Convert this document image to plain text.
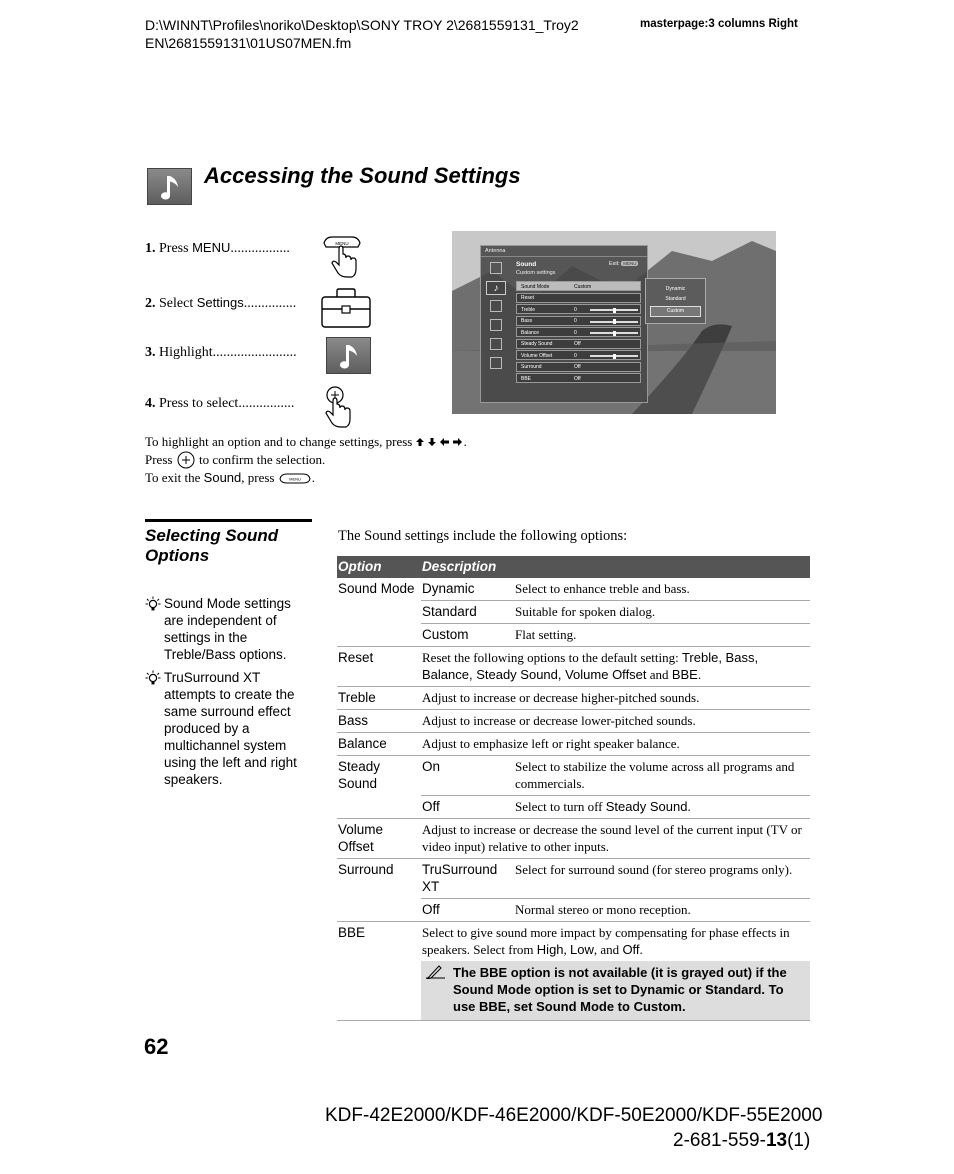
D:\WINNT\Profiles\noriko\Desktop\SONY TROY 2\2681559131_Troy2
EN\2681559131\01US07MEN.fm
masterpage:3 columns Right
Accessing the Sound Settings
1. Press MENU.................
2. Select Settings...............
3. Highlight........................
4. Press to select................
MENU
Antenna
♪
Sound
Custom settings
Exit: MENU
Sound Mode	Custom
Reset
Treble	0
Bass	0
Balance	0
Steady Sound	Off
Volume Offset	0
Surround	Off
BBE	Off
Dynamic
Standard
Custom
To highlight an option and to change settings, press	.
Press to confirm the selection.
To exit the Sound, press	MENU .
Selecting Sound Options
Sound Mode settings are independent of settings in the Treble/Bass options.
TruSurround XT attempts to create the same surround effect produced by a multichannel system using the left and right speakers.
The Sound settings include the following options:
Option	Description	
Sound Mode	Dynamic	Select to enhance treble and bass.
	Standard	Suitable for spoken dialog.
	Custom	Flat setting.
Reset	Reset the following options to the default setting: Treble, Bass, Balance, Steady Sound, Volume Offset and BBE.	
Treble	Adjust to increase or decrease higher-pitched sounds.	
Bass	Adjust to increase or decrease lower-pitched sounds.	
Balance	Adjust to emphasize left or right speaker balance.	
Steady Sound	On	Select to stabilize the volume across all programs and commercials.
	Off	Select to turn off Steady Sound.
Volume Offset	Adjust to increase or decrease the sound level of the current input (TV or video input) relative to other inputs.	
Surround	TruSurround XT	Select for surround sound (for stereo programs only).
	Off	Normal stereo or mono reception.
BBE	Select to give sound more impact by compensating for phase effects in speakers. Select from High, Low, and Off.	

	The BBE option is not available (it is grayed out) if the Sound Mode option is set to Dynamic or Standard. To use BBE, set Sound Mode to Custom.	
62
KDF-42E2000/KDF-46E2000/KDF-50E2000/KDF-55E2000
2-681-559-13(1)
